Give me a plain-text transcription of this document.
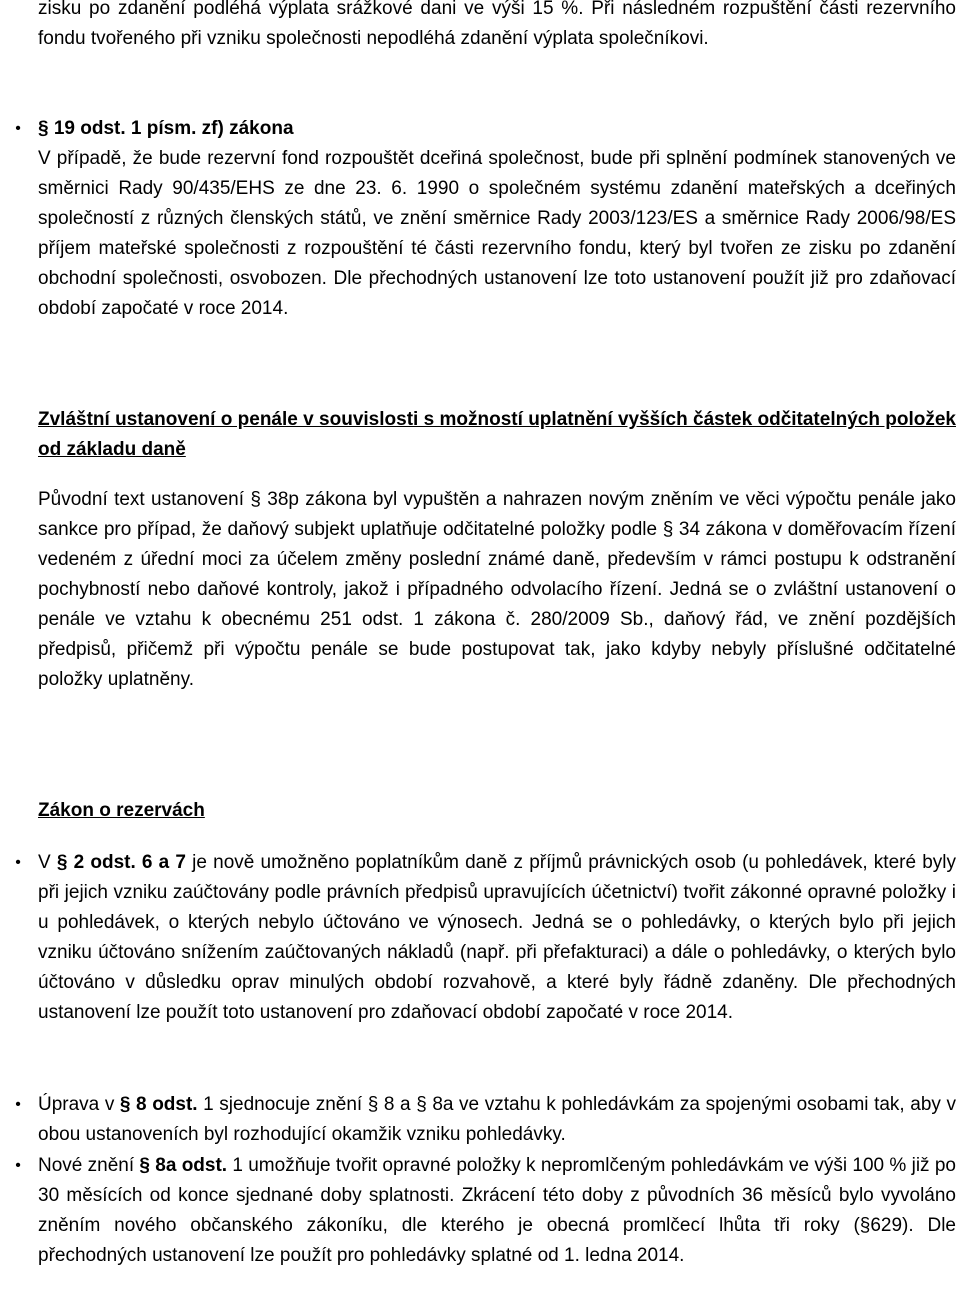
zisku po zdanění podléhá výplata srážkové dani ve výši 15 %. Při následném rozpuštění části rezervního fondu tvořeného při vzniku společnosti nepodléhá zdanění výplata společníkovi.

• § 19 odst. 1 písm. zf) zákona

V případě, že bude rezervní fond rozpouštět dceřiná společnost, bude při splnění podmínek stanovených ve směrnici Rady 90/435/EHS ze dne 23. 6. 1990 o společném systému zdanění mateřských a dceřiných společností z různých členských států, ve znění směrnice Rady 2003/123/ES a směrnice Rady 2006/98/ES příjem mateřské společnosti z rozpouštění té části rezervního fondu, který byl tvořen ze zisku po zdanění obchodní společnosti, osvobozen. Dle přechodných ustanovení lze toto ustanovení použít již pro zdaňovací období započaté v roce 2014.

Zvláštní ustanovení o penále v souvislosti s možností uplatnění vyšších částek odčitatelných položek od základu daně

Původní text ustanovení § 38p zákona byl vypuštěn a nahrazen novým zněním ve věci výpočtu penále jako sankce pro případ, že daňový subjekt uplatňuje odčitatelné položky podle § 34 zákona v doměřovacím řízení vedeném z úřední moci za účelem změny poslední známé daně, především v rámci postupu k odstranění pochybností nebo daňové kontroly, jakož i případného odvolacího řízení. Jedná se o zvláštní ustanovení o penále ve vztahu k obecnému 251 odst. 1 zákona č. 280/2009 Sb., daňový řád, ve znění pozdějších předpisů, přičemž při výpočtu penále se bude postupovat tak, jako kdyby nebyly příslušné odčitatelné položky uplatněny.

Zákon o rezervách
• V § 2 odst. 6 a 7 je nově umožněno poplatníkům daně z příjmů právnických osob (u pohledávek, které byly při jejich vzniku zaúčtovány podle právních předpisů upravujících účetnictví) tvořit zákonné opravné položky i u pohledávek, o kterých nebylo účtováno ve výnosech. Jedná se o pohledávky, o kterých bylo při jejich vzniku účtováno snížením zaúčtovaných nákladů (např. při přefakturaci) a dále o pohledávky, o kterých bylo účtováno v důsledku oprav minulých období rozvahově, a které byly řádně zdaněny. Dle přechodných ustanovení lze použít toto ustanovení pro zdaňovací období započaté v roce 2014.

• Úprava v § 8 odst. 1 sjednocuje znění § 8 a § 8a ve vztahu k pohledávkám za spojenými osobami tak, aby v obou ustanoveních byl rozhodující okamžik vzniku pohledávky.

• Nové znění § 8a odst. 1 umožňuje tvořit opravné položky k nepromlčeným pohledávkám ve výši 100 % již po 30 měsících od konce sjednané doby splatnosti. Zkrácení této doby z původních 36 měsíců bylo vyvoláno zněním nového občanského zákoníku, dle kterého je obecná promlčecí lhůta tři roky (§629). Dle přechodných ustanovení lze použít pro pohledávky splatné od 1. ledna 2014.
